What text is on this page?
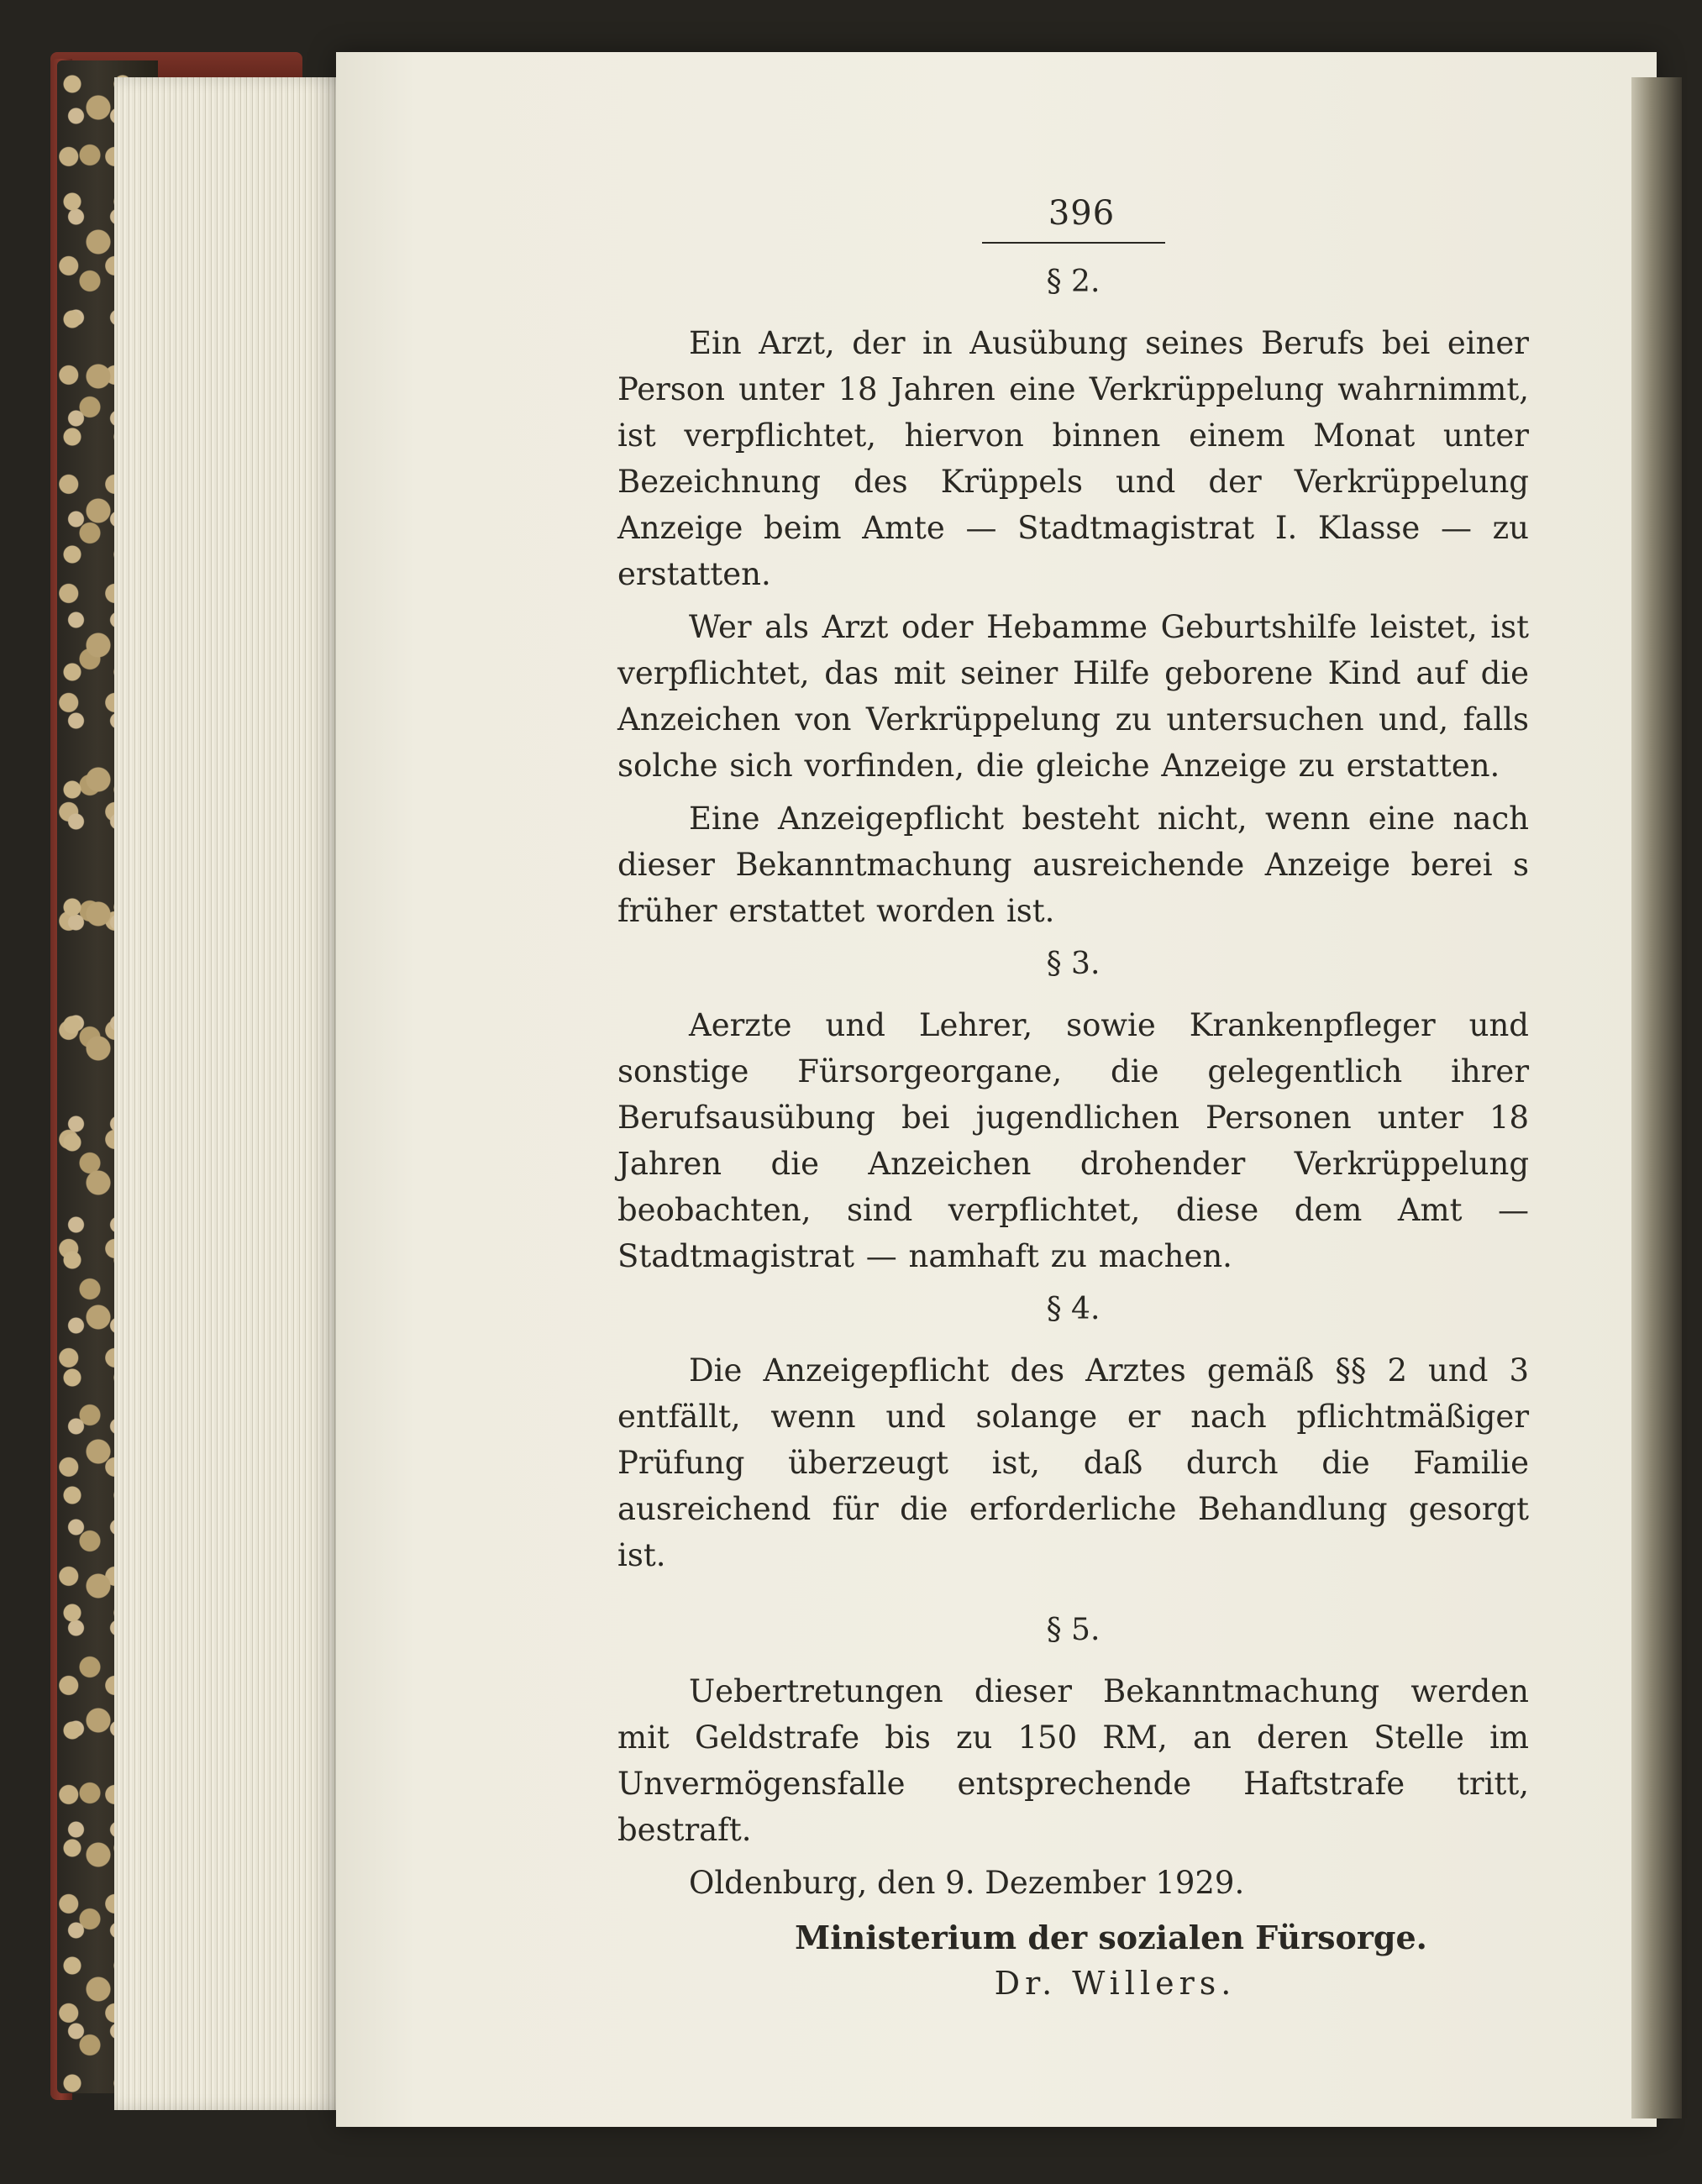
396
§ 2.

Ein Arzt, der in Ausübung seines Berufs bei einer Person unter 18 Jahren eine Verkrüppelung wahrnimmt, ist verpflichtet, hiervon binnen einem Monat unter Bezeichnung des Krüppels und der Verkrüppelung Anzeige beim Amte — Stadtmagistrat I. Klasse — zu erstatten.

Wer als Arzt oder Hebamme Geburtshilfe leistet, ist verpflichtet, das mit seiner Hilfe geborene Kind auf die Anzeichen von Verkrüppelung zu untersuchen und, falls solche sich vorfinden, die gleiche Anzeige zu erstatten.

Eine Anzeigepflicht besteht nicht, wenn eine nach dieser Bekanntmachung ausreichende Anzeige berei s früher erstattet worden ist.

§ 3.

Aerzte und Lehrer, sowie Krankenpfleger und sonstige Fürsorgeorgane, die gelegentlich ihrer Berufsausübung bei jugendlichen Personen unter 18 Jahren die Anzeichen drohender Verkrüppelung beobachten, sind verpflichtet, diese dem Amt — Stadtmagistrat — namhaft zu machen.

§ 4.

Die Anzeigepflicht des Arztes gemäß §§ 2 und 3 entfällt, wenn und solange er nach pflichtmäßiger Prüfung überzeugt ist, daß durch die Familie ausreichend für die erforderliche Behandlung gesorgt ist.

§ 5.

Uebertretungen dieser Bekanntmachung werden mit Geldstrafe bis zu 150 RM, an deren Stelle im Unvermögensfalle entsprechende Haftstrafe tritt, bestraft.

Oldenburg, den 9. Dezember 1929.

Ministerium der sozialen Fürsorge.
Dr. Willers.
